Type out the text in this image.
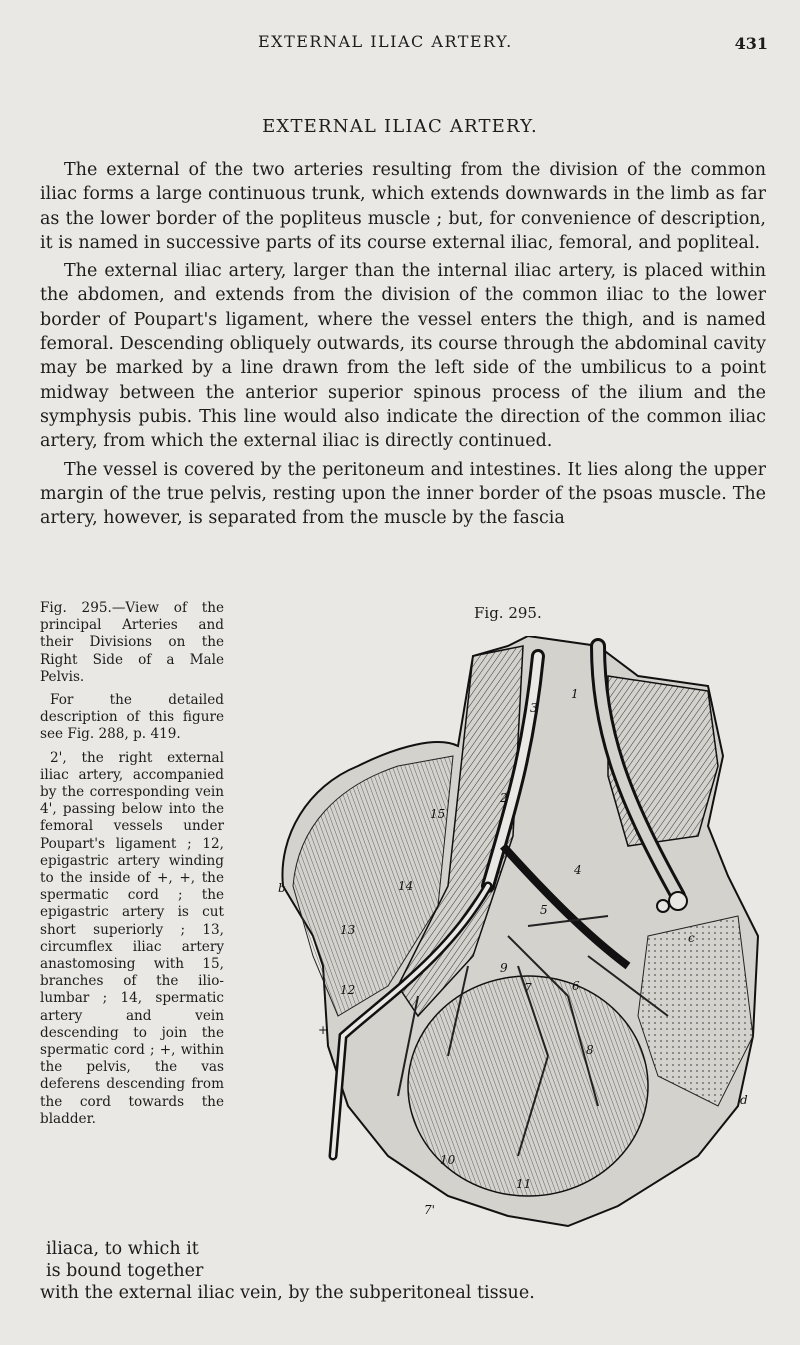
EXTERNAL ILIAC ARTERY.	431
EXTERNAL ILIAC ARTERY.

The external of the two arteries resulting from the division of the common iliac forms a large continuous trunk, which extends downwards in the limb as far as the lower border of the popliteus muscle ; but, for convenience of description, it is named in successive parts of its course external iliac, femoral, and popliteal.

The external iliac artery, larger than the internal iliac artery, is placed within the abdomen, and extends from the division of the common iliac to the lower border of Poupart's ligament, where the vessel enters the thigh, and is named femoral. Descending obliquely outwards, its course through the abdominal cavity may be marked by a line drawn from the left side of the umbilicus to a point midway between the anterior superior spinous process of the ilium and the symphysis pubis. This line would also indicate the direction of the common iliac artery, from which the external iliac is directly continued.

The vessel is covered by the peritoneum and intestines. It lies along the upper margin of the true pelvis, resting upon the inner border of the psoas muscle. The artery, however, is separated from the muscle by the fascia

Fig. 295.—View of the principal Arteries and their Divisions on the Right Side of a Male Pelvis.

For the detailed description of this figure see Fig. 288, p. 419.

2', the right external iliac artery, accompanied by the corresponding vein 4', passing below into the femoral vessels under Poupart's ligament ; 12, epigastric artery winding to the inside of +, +, the spermatic cord ; the epigastric artery is cut short superiorly ; 13, circumflex iliac artery anastomosing with 15, branches of the ilio-lumbar ; 14, spermatic artery and vein descending to join the spermatic cord ; +, within the pelvis, the vas deferens descending from the cord towards the bladder.

Fig. 295.
1
2
3
4
5
6
7
8
9
10
11
12
13
14
15
b
c
d
+
7'
iliaca, to which it
is bound together
with the external iliac vein, by the subperitoneal tissue.
